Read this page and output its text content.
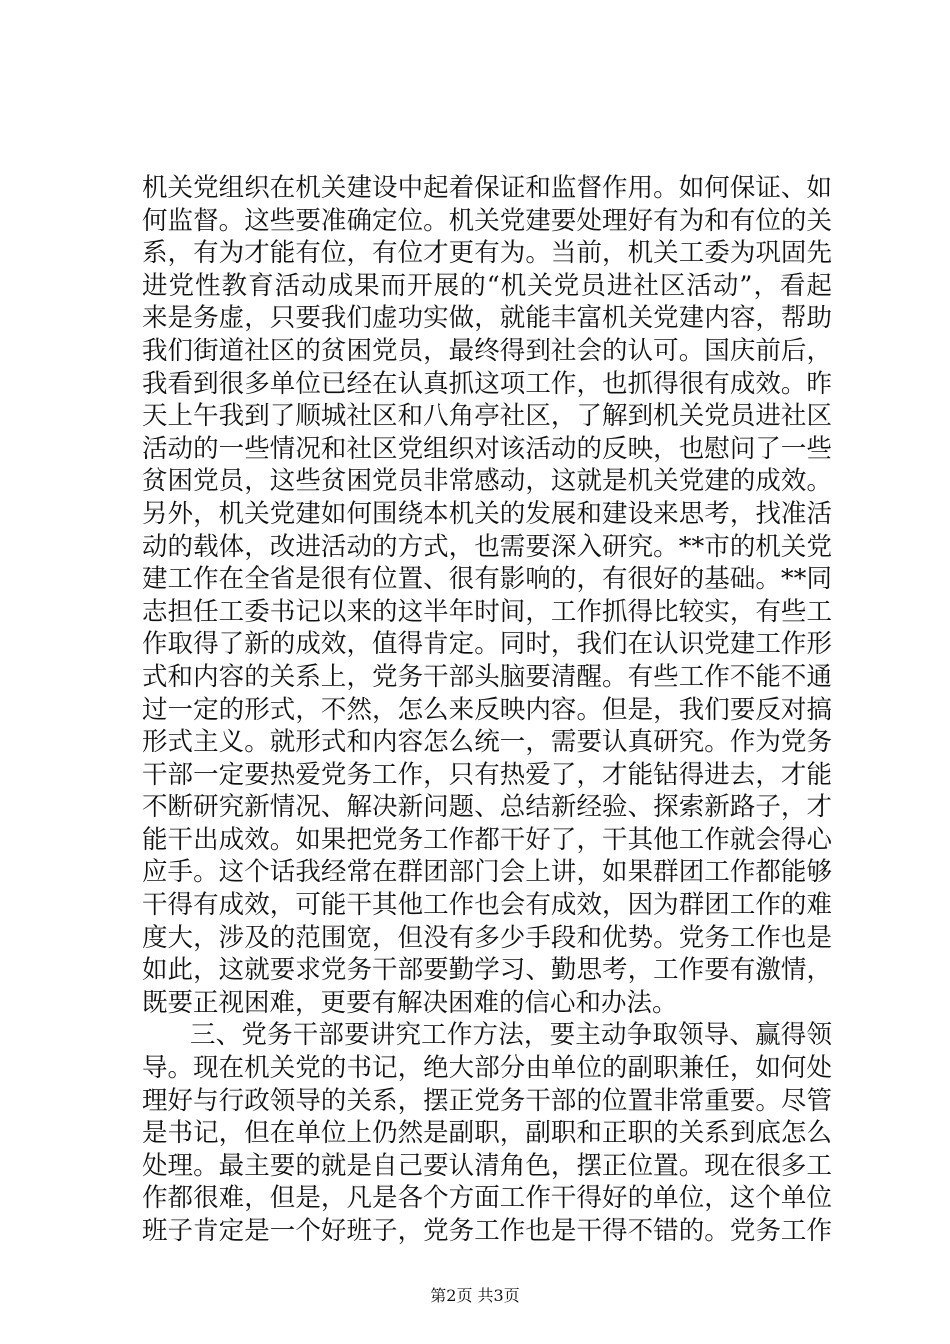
机关党组织在机关建设中起着保证和监督作用。如何保证、如
何监督。这些要准确定位。机关党建要处理好有为和有位的关
系，有为才能有位，有位才更有为。当前，机关工委为巩固先
进党性教育活动成果而开展的“机关党员进社区活动”，看起
来是务虚，只要我们虚功实做，就能丰富机关党建内容，帮助
我们街道社区的贫困党员，最终得到社会的认可。国庆前后，
我看到很多单位已经在认真抓这项工作，也抓得很有成效。昨
天上午我到了顺城社区和八角亭社区，了解到机关党员进社区
活动的一些情况和社区党组织对该活动的反映，也慰问了一些
贫困党员，这些贫困党员非常感动，这就是机关党建的成效。
另外，机关党建如何围绕本机关的发展和建设来思考，找准活
动的载体，改进活动的方式，也需要深入研究。**市的机关党
建工作在全省是很有位置、很有影响的，有很好的基础。**同
志担任工委书记以来的这半年时间，工作抓得比较实，有些工
作取得了新的成效，值得肯定。同时，我们在认识党建工作形
式和内容的关系上，党务干部头脑要清醒。有些工作不能不通
过一定的形式，不然，怎么来反映内容。但是，我们要反对搞
形式主义。就形式和内容怎么统一，需要认真研究。作为党务
干部一定要热爱党务工作，只有热爱了，才能钻得进去，才能
不断研究新情况、解决新问题、总结新经验、探索新路子，才
能干出成效。如果把党务工作都干好了，干其他工作就会得心
应手。这个话我经常在群团部门会上讲，如果群团工作都能够
干得有成效，可能干其他工作也会有成效，因为群团工作的难
度大，涉及的范围宽，但没有多少手段和优势。党务工作也是
如此，这就要求党务干部要勤学习、勤思考，工作要有激情，
既要正视困难，更要有解决困难的信心和办法。
三、党务干部要讲究工作方法，要主动争取领导、赢得领
导。现在机关党的书记，绝大部分由单位的副职兼任，如何处
理好与行政领导的关系，摆正党务干部的位置非常重要。尽管
是书记，但在单位上仍然是副职，副职和正职的关系到底怎么
处理。最主要的就是自己要认清角色，摆正位置。现在很多工
作都很难，但是，凡是各个方面工作干得好的单位，这个单位
班子肯定是一个好班子，党务工作也是干得不错的。党务工作
第2页 共3页
